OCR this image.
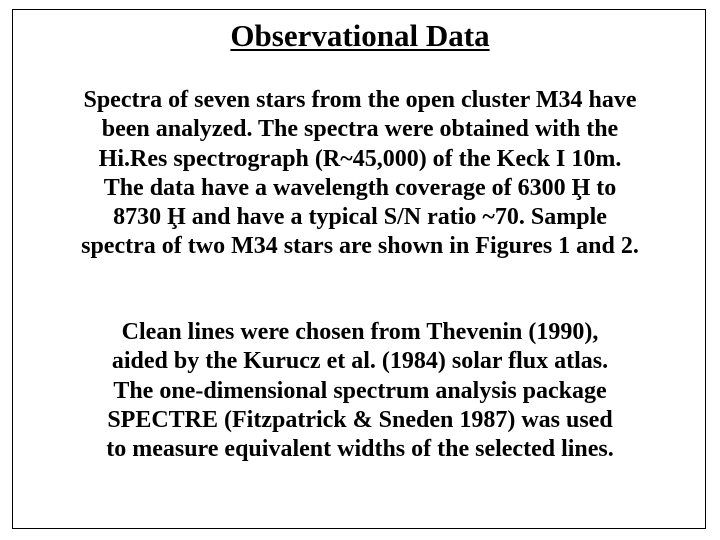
Observational Data

Spectra of seven stars from the open cluster M34 have
been analyzed. The spectra were obtained with the
Hi.Res spectrograph (R~45,000) of the Keck I 10m.
The data have a wavelength coverage of 6300 Ḩ to
8730 Ḩ and have a typical S/N ratio ~70. Sample
spectra of two M34 stars are shown in Figures 1 and 2.

Clean lines were chosen from Thevenin (1990),
aided by the Kurucz et al. (1984) solar flux atlas.
The one-dimensional spectrum analysis package
SPECTRE (Fitzpatrick & Sneden 1987) was used
to measure equivalent widths of the selected lines.
